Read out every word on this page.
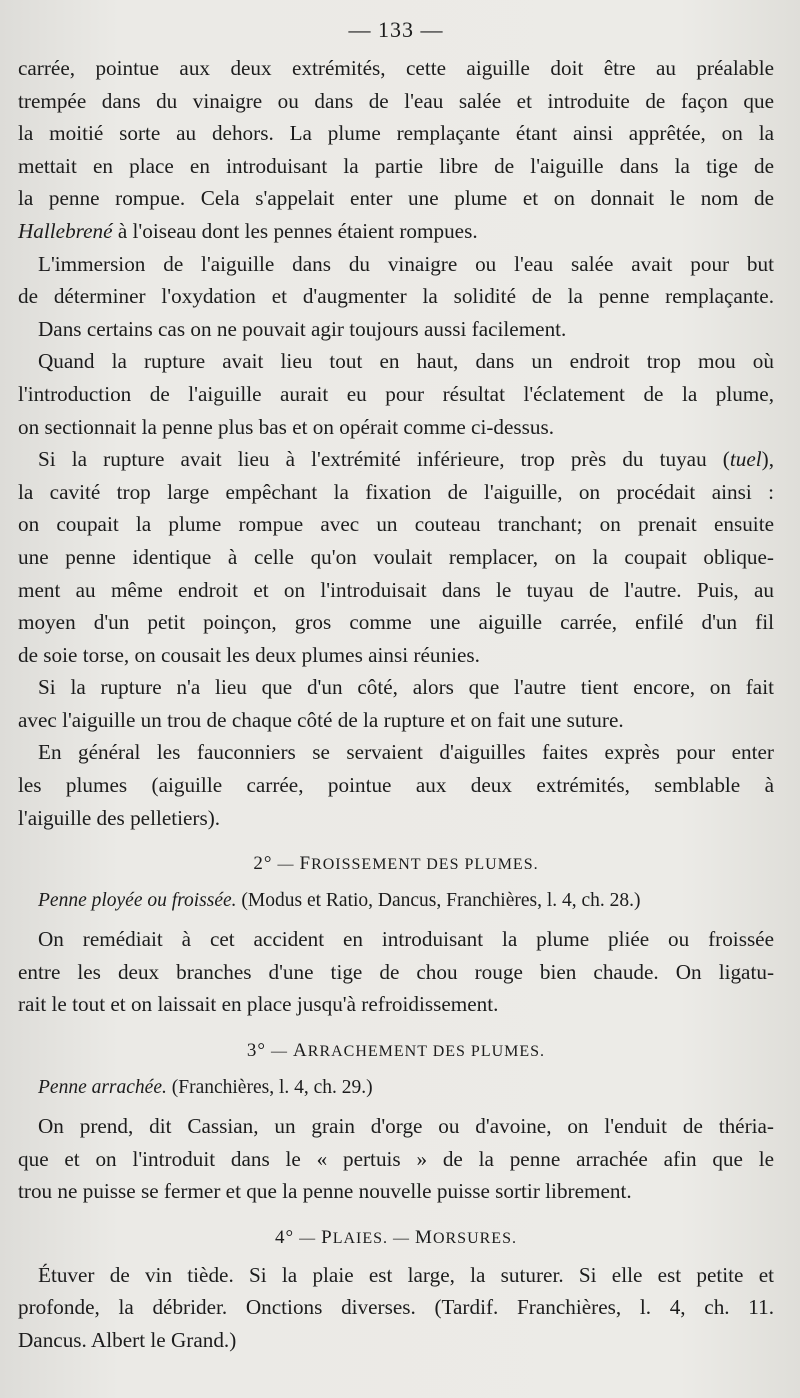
— 133 —

carrée, pointue aux deux extrémités, cette aiguille doit être au préalable
trempée dans du vinaigre ou dans de l'eau salée et introduite de façon que
la moitié sorte au dehors. La plume remplaçante étant ainsi apprêtée, on la
mettait en place en introduisant la partie libre de l'aiguille dans la tige de
la penne rompue. Cela s'appelait enter une plume et on donnait le nom de
Hallebrené à l'oiseau dont les pennes étaient rompues.

L'immersion de l'aiguille dans du vinaigre ou l'eau salée avait pour but
de déterminer l'oxydation et d'augmenter la solidité de la penne remplaçante.

Dans certains cas on ne pouvait agir toujours aussi facilement.

Quand la rupture avait lieu tout en haut, dans un endroit trop mou où
l'introduction de l'aiguille aurait eu pour résultat l'éclatement de la plume,
on sectionnait la penne plus bas et on opérait comme ci-dessus.

Si la rupture avait lieu à l'extrémité inférieure, trop près du tuyau (tuel),
la cavité trop large empêchant la fixation de l'aiguille, on procédait ainsi :
on coupait la plume rompue avec un couteau tranchant; on prenait ensuite
une penne identique à celle qu'on voulait remplacer, on la coupait oblique-
ment au même endroit et on l'introduisait dans le tuyau de l'autre. Puis, au
moyen d'un petit poinçon, gros comme une aiguille carrée, enfilé d'un fil
de soie torse, on cousait les deux plumes ainsi réunies.

Si la rupture n'a lieu que d'un côté, alors que l'autre tient encore, on fait
avec l'aiguille un trou de chaque côté de la rupture et on fait une suture.

En général les fauconniers se servaient d'aiguilles faites exprès pour enter
les plumes (aiguille carrée, pointue aux deux extrémités, semblable à
l'aiguille des pelletiers).

2° — FROISSEMENT DES PLUMES.
Penne ployée ou froissée. (Modus et Ratio, Dancus, Franchières, l. 4, ch. 28.)

On remédiait à cet accident en introduisant la plume pliée ou froissée
entre les deux branches d'une tige de chou rouge bien chaude. On ligatu-
rait le tout et on laissait en place jusqu'à refroidissement.

3° — ARRACHEMENT DES PLUMES.
Penne arrachée. (Franchières, l. 4, ch. 29.)

On prend, dit Cassian, un grain d'orge ou d'avoine, on l'enduit de théria-
que et on l'introduit dans le « pertuis » de la penne arrachée afin que le
trou ne puisse se fermer et que la penne nouvelle puisse sortir librement.

4° — PLAIES. — MORSURES.

Étuver de vin tiède. Si la plaie est large, la suturer. Si elle est petite et
profonde, la débrider. Onctions diverses. (Tardif. Franchières, l. 4, ch. 11.
Dancus. Albert le Grand.)
